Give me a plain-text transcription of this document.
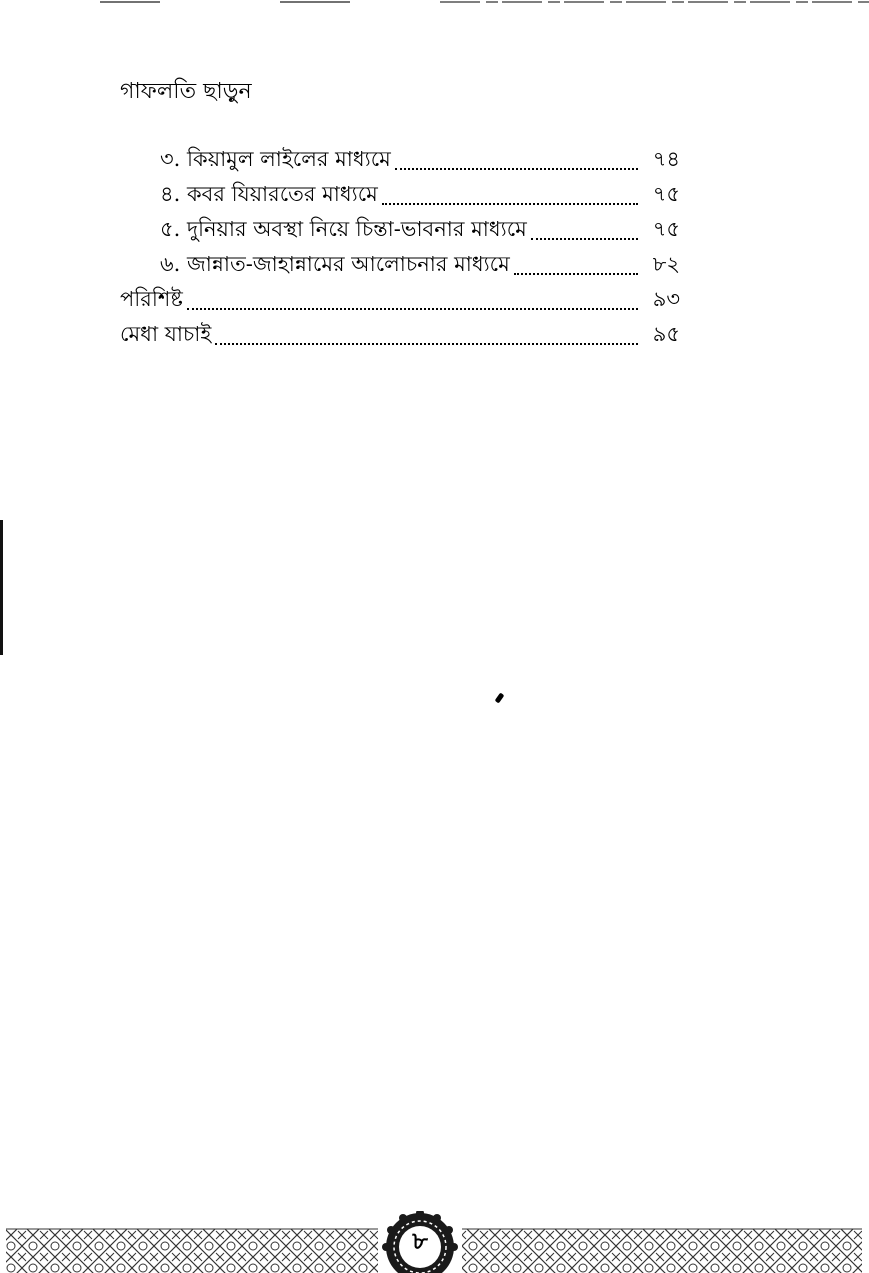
গাফলতি ছাড়ুন
৩. কিয়ামুল লাইলের মাধ্যমে	৭৪
৪. কবর যিয়ারতের মাধ্যমে	৭৫
৫. দুনিয়ার অবস্থা নিয়ে চিন্তা-ভাবনার মাধ্যমে	৭৫
৬. জান্নাত-জাহান্নামের আলোচনার মাধ্যমে	৮২
পরিশিষ্ট	৯৩
মেধা যাচাই	৯৫
৮
